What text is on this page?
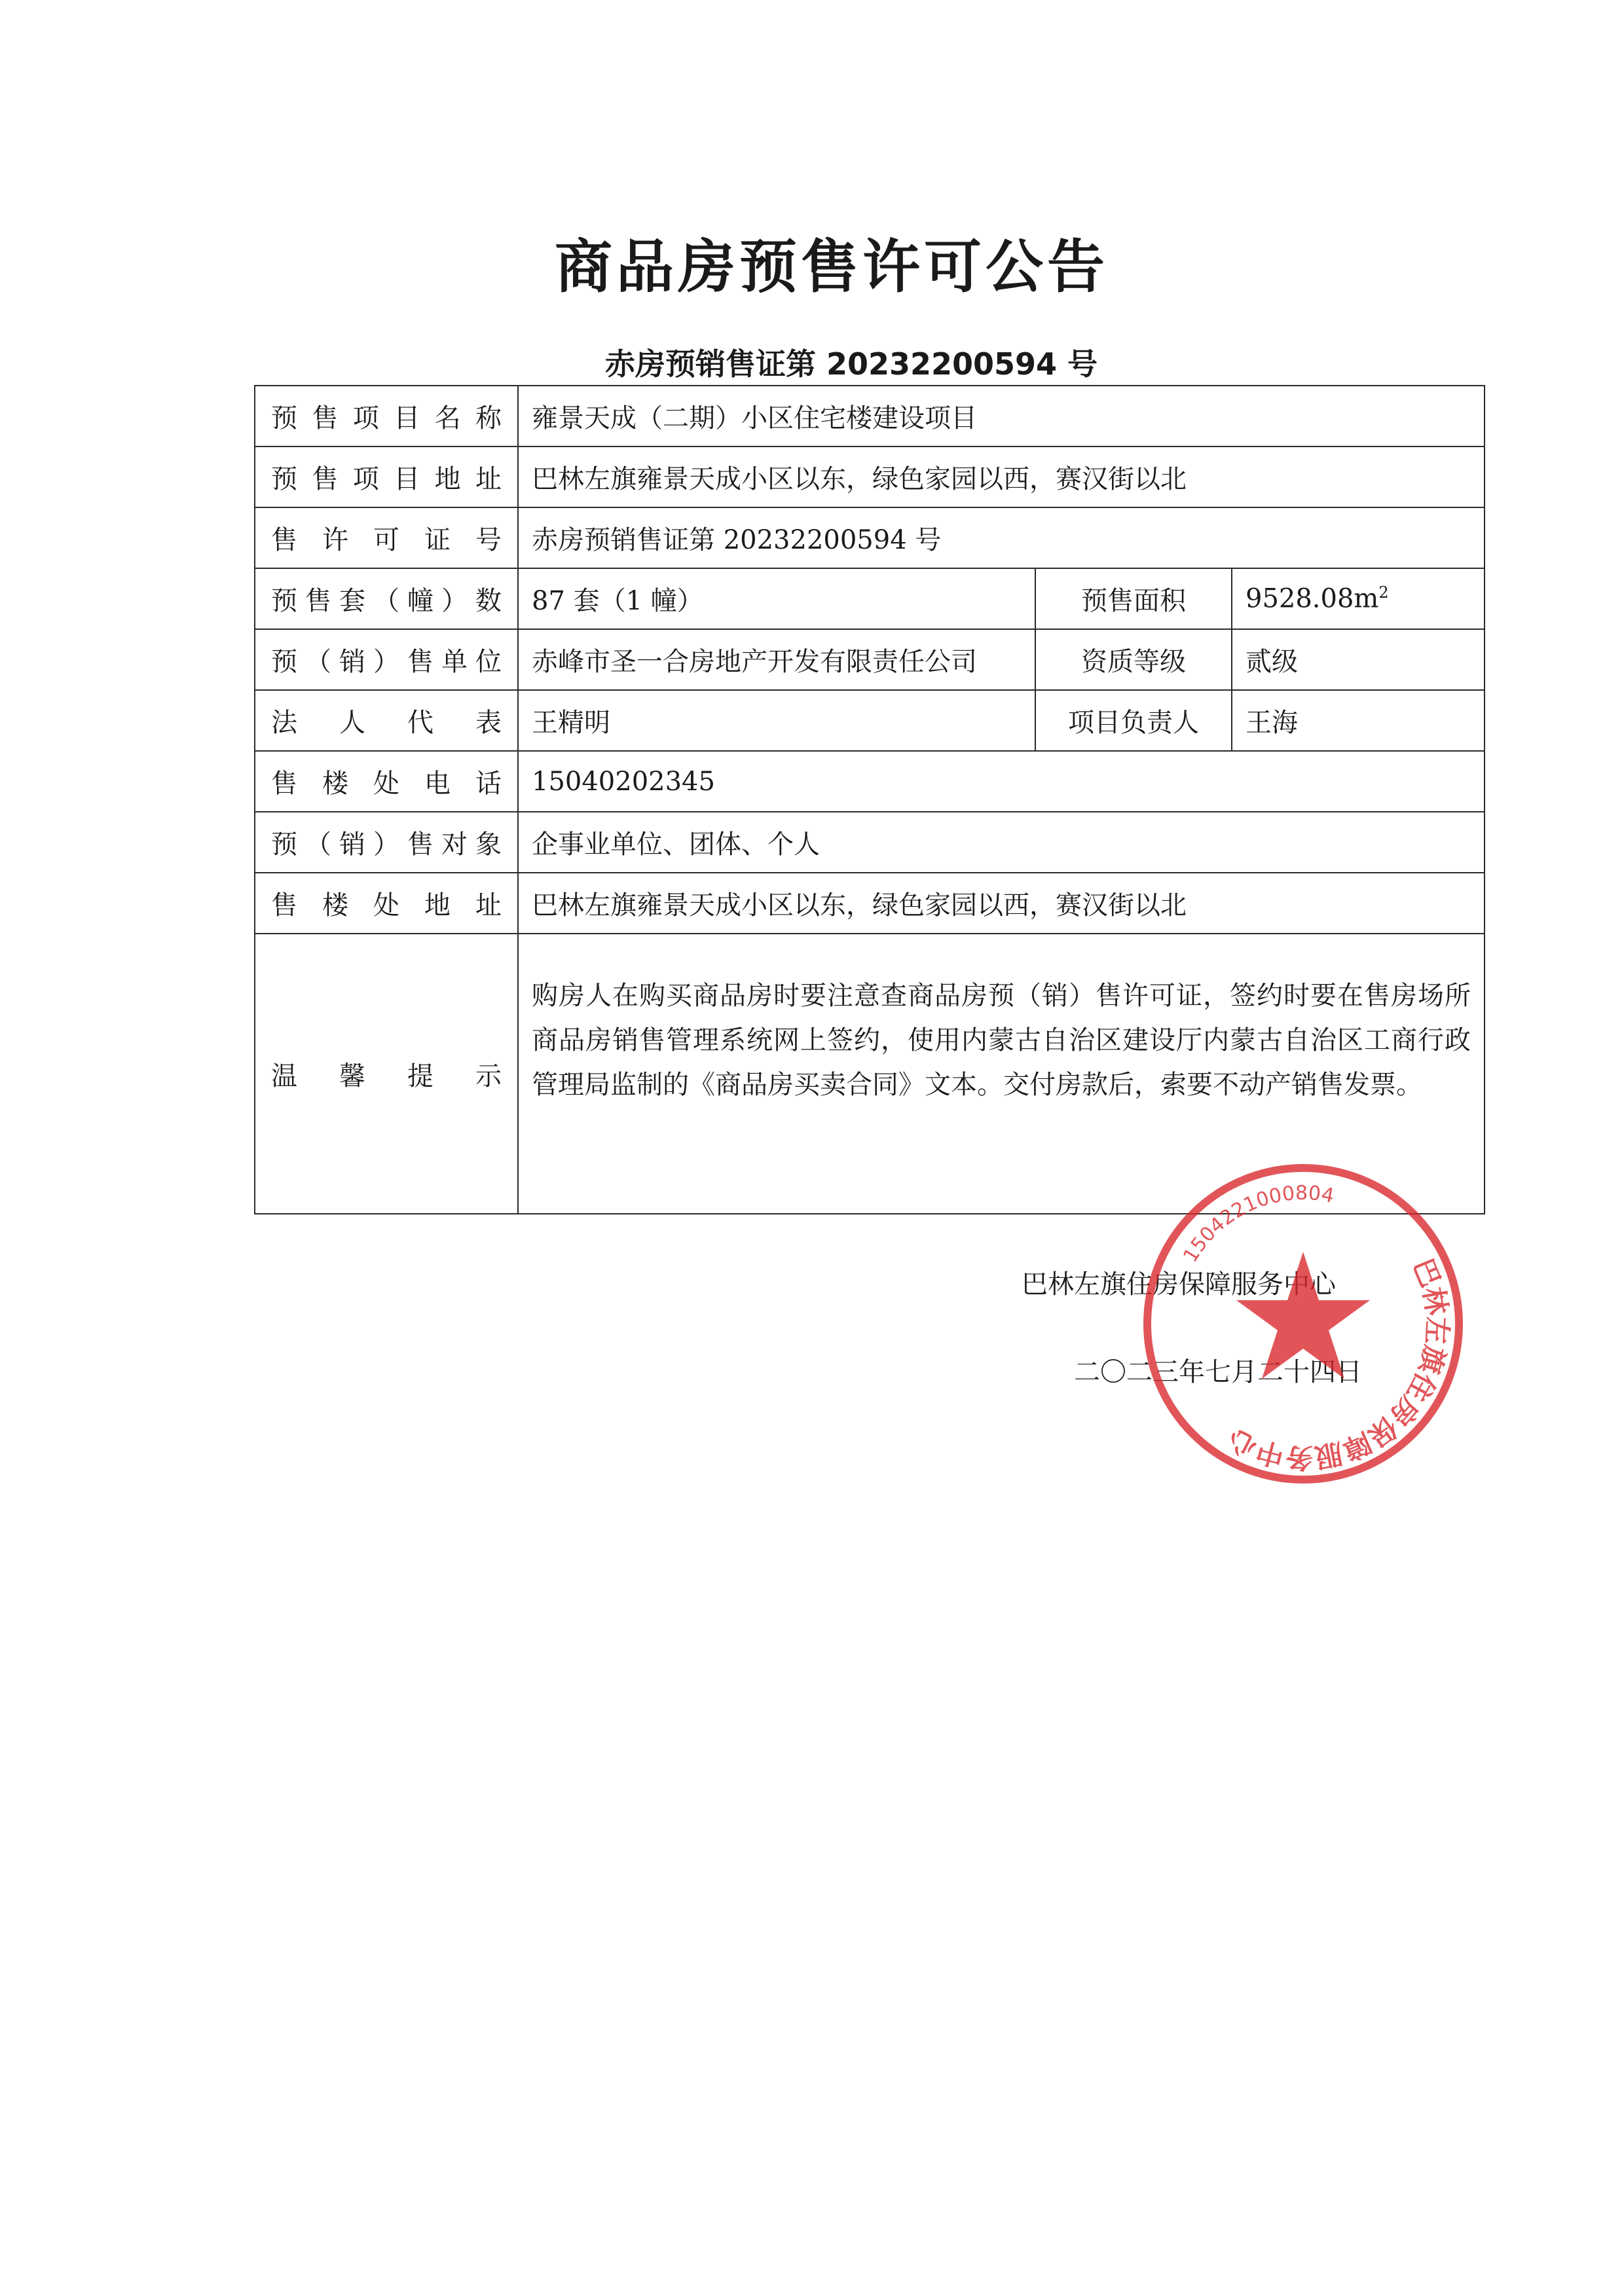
商品房预售许可公告
赤房预销售证第 20232200594 号
预售项目名称	雍景天成（二期）小区住宅楼建设项目		
预售项目地址	巴林左旗雍景天成小区以东，绿色家园以西，赛汉街以北		
售许可证号	赤房预销售证第 20232200594 号		
预售套（幢）数	87 套（1 幢）	预售面积	$9528.08m^2$
预（销）售单位	赤峰市圣一合房地产开发有限责任公司	资质等级	贰级
法人代表	王精明	项目负责人	王海
售楼处电话	15040202345		
预（销）售对象	企事业单位、团体、个人		
售楼处地址	巴林左旗雍景天成小区以东，绿色家园以西，赛汉街以北		
温馨提示	购房人在购买商品房时要注意查商品房预（销）售许可证，签约时要在售房场所商品房销售管理系统网上签约，使用内蒙古自治区建设厅内蒙古自治区工商行政管理局监制的《商品房买卖合同》文本。交付房款后，索要不动产销售发票。		
巴林左旗住房保障服务中心
二〇二三年七月二十四日
1504221000804
巴林左旗住房保障服务中心
